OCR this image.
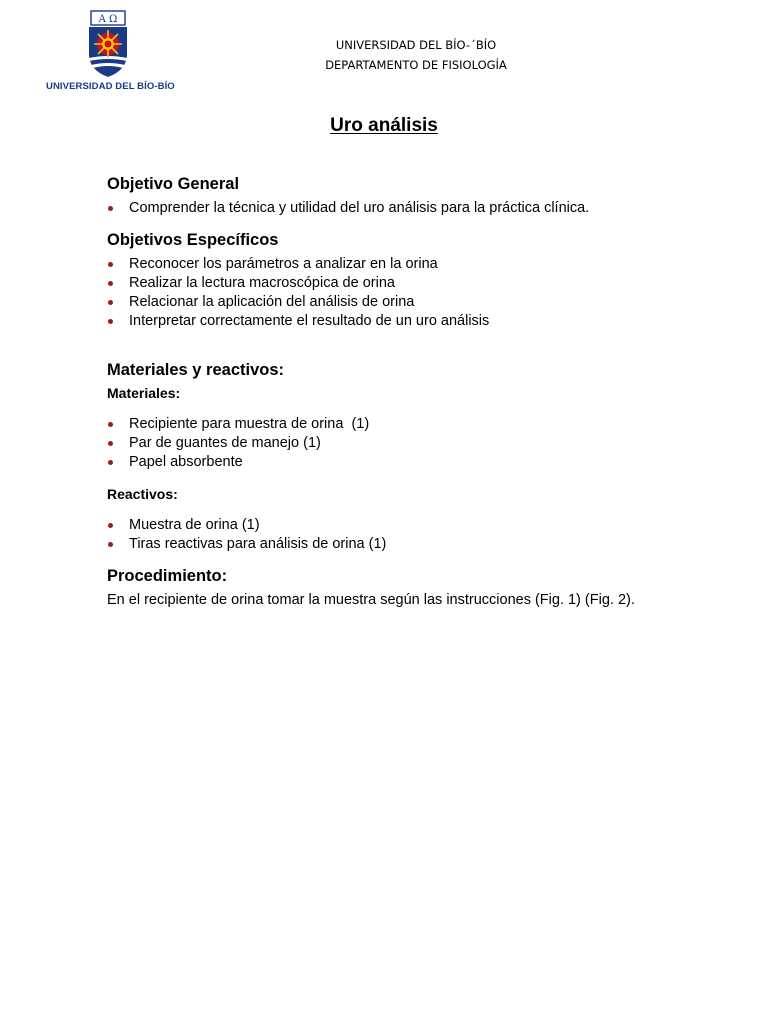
A Ω
UNIVERSIDAD DEL BÍO-BÍO
UNIVERSIDAD DEL BÍO-´BÍO
DEPARTAMENTO DE FISIOLOGÍA
Uro análisis
Objetivo General
Comprender la técnica y utilidad del uro análisis para la práctica clínica.
Objetivos Específicos
Reconocer los parámetros a analizar en la orina
Realizar la lectura macroscópica de orina
Relacionar la aplicación del análisis de orina
Interpretar correctamente el resultado de un uro análisis
Materiales y reactivos:
Materiales:
Recipiente para muestra de orina  (1)
Par de guantes de manejo (1)
Papel absorbente
Reactivos:
Muestra de orina (1)
Tiras reactivas para análisis de orina (1)
Procedimiento:
En el recipiente de orina tomar la muestra según las instrucciones (Fig. 1) (Fig. 2).
